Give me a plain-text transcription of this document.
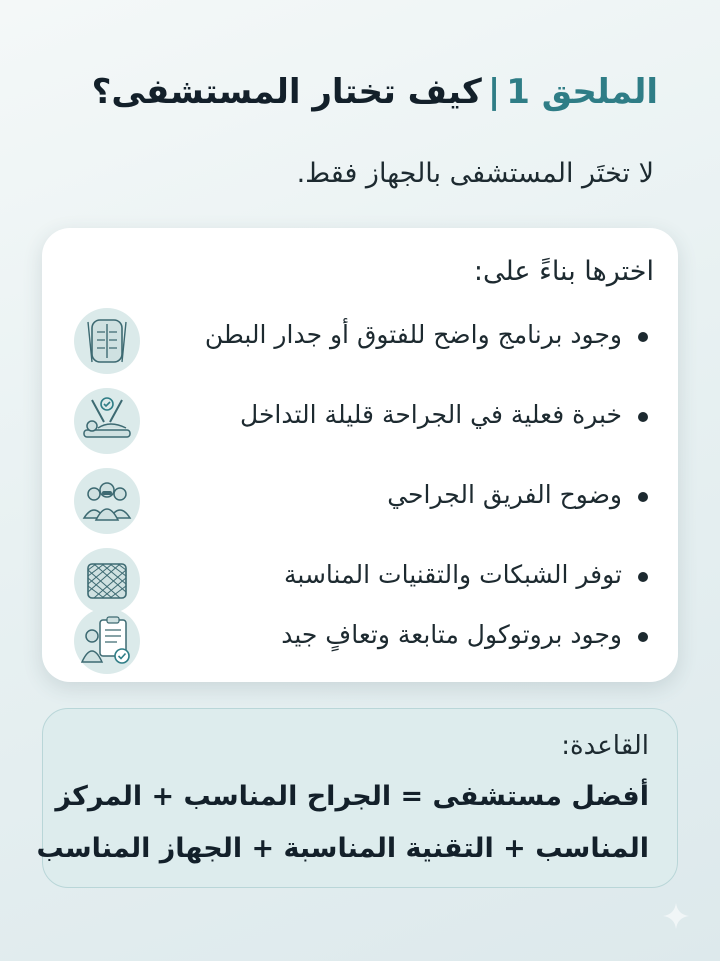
الملحق 1|كيف تختار المستشفى؟
لا تختَر المستشفى بالجهاز فقط.
اخترها بناءً على:
وجود برنامج واضح للفتوق أو جدار البطن
خبرة فعلية في الجراحة قليلة التداخل
وضوح الفريق الجراحي
توفر الشبكات والتقنيات المناسبة
وجود بروتوكول متابعة وتعافٍ جيد
القاعدة:
أفضل مستشفى = الجراح المناسب + المركز
المناسب + التقنية المناسبة + الجهاز المناسب
